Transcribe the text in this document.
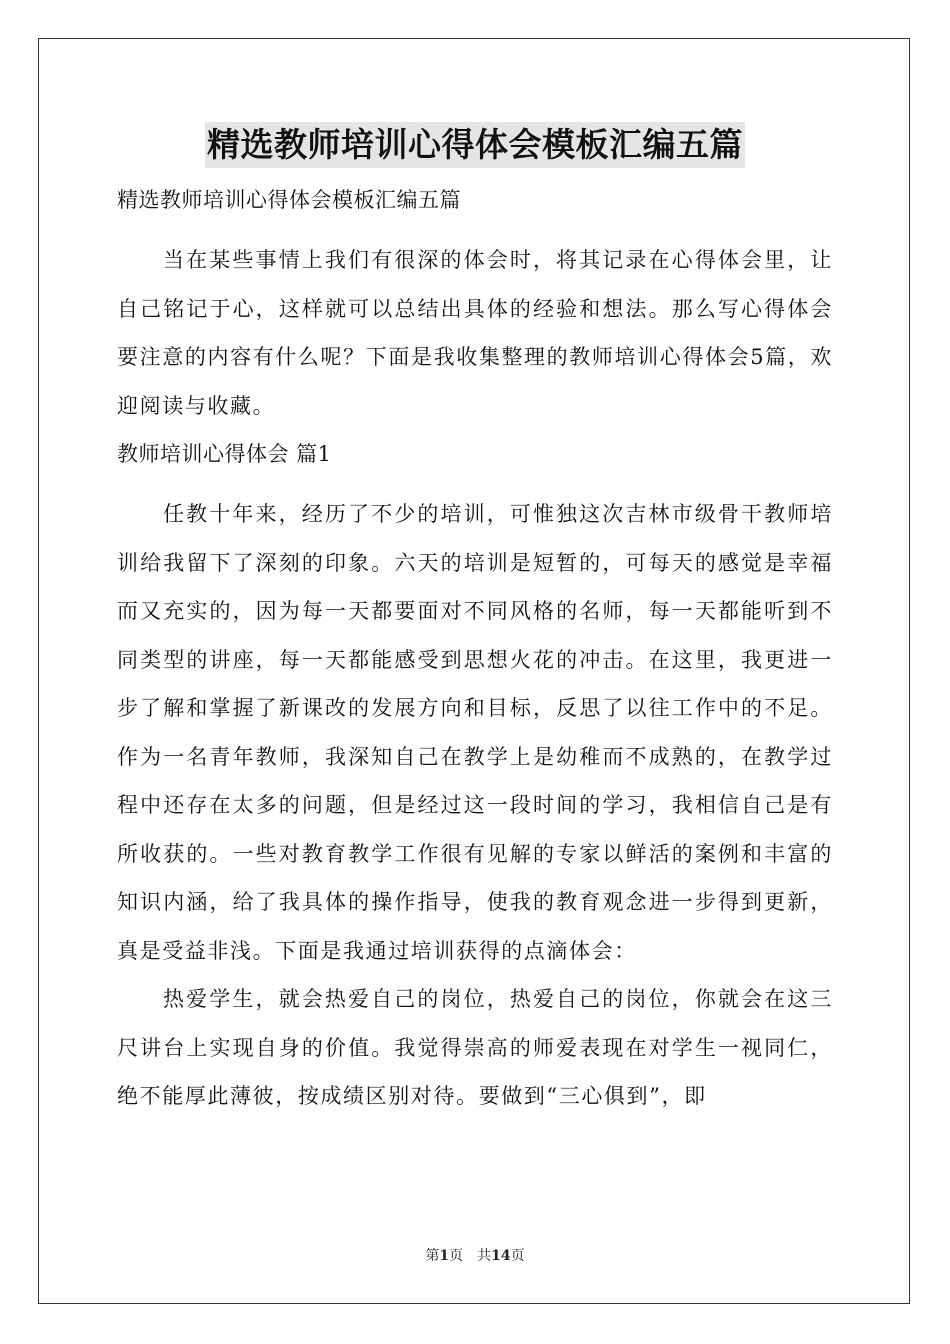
精选教师培训心得体会模板汇编五篇

精选教师培训心得体会模板汇编五篇

当在某些事情上我们有很深的体会时，将其记录在心得体会里，让自己铭记于心，这样就可以总结出具体的经验和想法。那么写心得体会要注意的内容有什么呢？下面是我收集整理的教师培训心得体会5篇，欢迎阅读与收藏。

教师培训心得体会 篇1

任教十年来，经历了不少的培训，可惟独这次吉林市级骨干教师培训给我留下了深刻的印象。六天的培训是短暂的，可每天的感觉是幸福而又充实的，因为每一天都要面对不同风格的名师，每一天都能听到不同类型的讲座，每一天都能感受到思想火花的冲击。在这里，我更进一步了解和掌握了新课改的发展方向和目标，反思了以往工作中的不足。作为一名青年教师，我深知自己在教学上是幼稚而不成熟的，在教学过程中还存在太多的问题，但是经过这一段时间的学习，我相信自己是有所收获的。一些对教育教学工作很有见解的专家以鲜活的案例和丰富的知识内涵，给了我具体的操作指导，使我的教育观念进一步得到更新，真是受益非浅。下面是我通过培训获得的点滴体会：

热爱学生，就会热爱自己的岗位，热爱自己的岗位，你就会在这三尺讲台上实现自身的价值。我觉得崇高的师爱表现在对学生一视同仁，绝不能厚此薄彼，按成绩区别对待。要做到“三心俱到”，即

第1页 共14页
